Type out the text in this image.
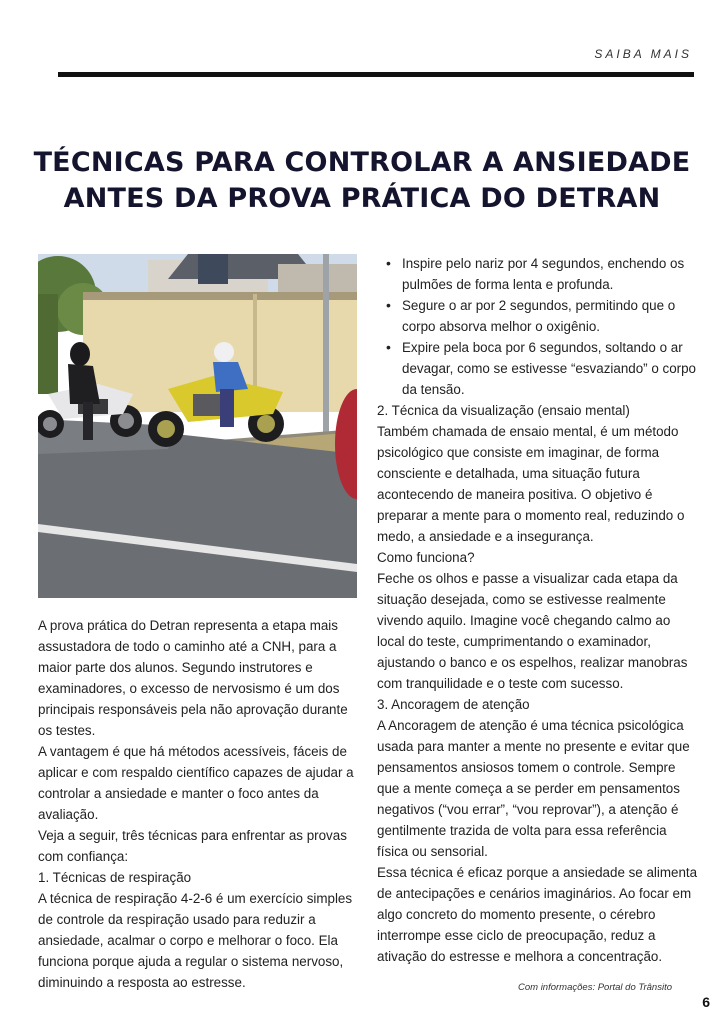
SAIBA MAIS
TÉCNICAS PARA CONTROLAR A ANSIEDADE
ANTES DA PROVA PRÁTICA DO DETRAN

A prova prática do Detran representa a etapa mais assustadora de todo o caminho até a CNH, para a maior parte dos alunos. Segundo instrutores e examinadores, o excesso de nervosismo é um dos principais responsáveis pela não aprovação durante os testes.

A vantagem é que há métodos acessíveis, fáceis de aplicar e com respaldo científico capazes de ajudar a controlar a ansiedade e manter o foco antes da avaliação.

Veja a seguir, três técnicas para enfrentar as provas com confiança:

1. Técnicas de respiração

A técnica de respiração 4-2-6 é um exercício simples de controle da respiração usado para reduzir a ansiedade, acalmar o corpo e melhorar o foco. Ela funciona porque ajuda a regular o sistema nervoso, diminuindo a resposta ao estresse.

• Inspire pelo nariz por 4 segundos, enchendo os pulmões de forma lenta e profunda.
• Segure o ar por 2 segundos, permitindo que o corpo absorva melhor o oxigênio.
• Expire pela boca por 6 segundos, soltando o ar devagar, como se estivesse “esvaziando” o corpo da tensão.

2. Técnica da visualização (ensaio mental)

Também chamada de ensaio mental, é um método psicológico que consiste em imaginar, de forma consciente e detalhada, uma situação futura acontecendo de maneira positiva. O objetivo é preparar a mente para o momento real, reduzindo o medo, a ansiedade e a insegurança.

Como funciona?

Feche os olhos e passe a visualizar cada etapa da situação desejada, como se estivesse realmente vivendo aquilo. Imagine você chegando calmo ao local do teste, cumprimentando o examinador, ajustando o banco e os espelhos, realizar manobras com tranquilidade e o teste com sucesso.

3. Ancoragem de atenção

A Ancoragem de atenção é uma técnica psicológica usada para manter a mente no presente e evitar que pensamentos ansiosos tomem o controle. Sempre que a mente começa a se perder em pensamentos negativos (“vou errar”, “vou reprovar”), a atenção é gentilmente trazida de volta para essa referência física ou sensorial.

Essa técnica é eficaz porque a ansiedade se alimenta de antecipações e cenários imaginários. Ao focar em algo concreto do momento presente, o cérebro interrompe esse ciclo de preocupação, reduz a ativação do estresse e melhora a concentração.

Com informações: Portal do Trânsito
6
